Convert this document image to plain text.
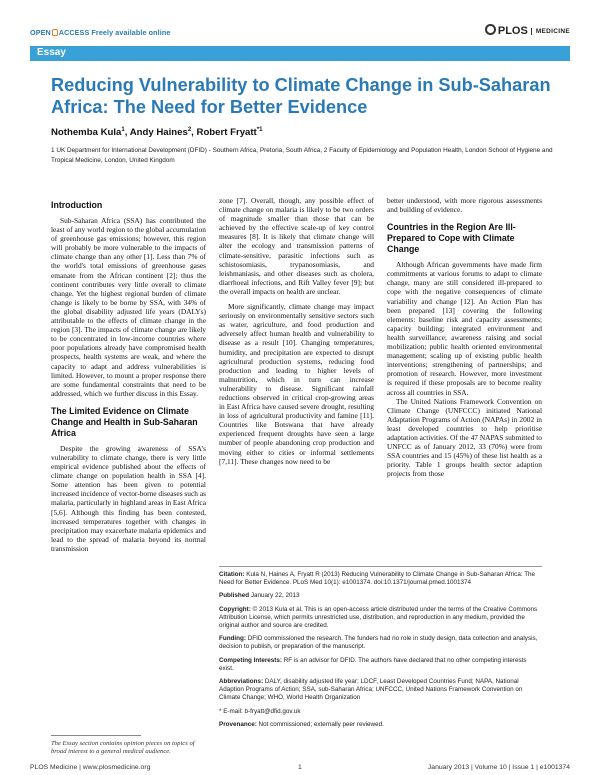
OPEN ACCESS Freely available online	PLOS MEDICINE
Essay
Reducing Vulnerability to Climate Change in Sub-Saharan Africa: The Need for Better Evidence
Nothemba Kula$^1$, Andy Haines$^2$, Robert Fryatt$^{*1}$
1 UK Department for International Development (DFID) - Southern Africa, Pretoria, South Africa, 2 Faculty of Epidemiology and Population Health, London School of Hygiene and Tropical Medicine, London, United Kingdom
Introduction

Sub-Saharan Africa (SSA) has contributed the least of any world region to the global accumulation of greenhouse gas emissions; however, this region will probably be more vulnerable to the impacts of climate change than any other [1]. Less than 7% of the world's total emissions of greenhouse gases emanate from the African continent [2]; thus the continent contributes very little overall to climate change. Yet the highest regional burden of climate change is likely to be borne by SSA, with 34% of the global disability adjusted life years (DALYs) attributable to the effects of climate change in the region [3]. The impacts of climate change are likely to be concentrated in low-income countries where poor populations already have compromised health prospects, health systems are weak, and where the capacity to adapt and address vulnerabilities is limited. However, to mount a proper response there are some fundamental constraints that need to be addressed, which we further discuss in this Essay.

The Limited Evidence on Climate Change and Health in Sub-Saharan Africa

Despite the growing awareness of SSA's vulnerability to climate change, there is very little empirical evidence published about the effects of climate change on population health in SSA [4]. Some attention has been given to potential increased incidence of vector-borne diseases such as malaria, particularly in highland areas in East Africa [5,6]. Although this finding has been contested, increased temperatures together with changes in precipitation may exacerbate malaria epidemics and lead to the spread of malaria beyond its normal transmission

zone [7]. Overall, though, any possible effect of climate change on malaria is likely to be two orders of magnitude smaller than those that can be achieved by the effective scale-up of key control measures [8]. It is likely that climate change will alter the ecology and transmission patterns of climate-sensitive, parasitic infections such as schistosomiasis, trypanosomiasis, and leishmaniasis, and other diseases such as cholera, diarrhoeal infections, and Rift Valley fever [9]; but the overall impacts on health are unclear.

More significantly, climate change may impact seriously on environmentally sensitive sectors such as water, agriculture, and food production and adversely affect human health and vulnerability to disease as a result [10]. Changing temperatures, humidity, and precipitation are expected to disrupt agricultural production systems, reducing food production and leading to higher levels of malnutrition, which in turn can increase vulnerability to disease. Significant rainfall reductions observed in critical crop-growing areas in East Africa have caused severe drought, resulting in loss of agricultural productivity and famine [11]. Countries like Botswana that have already experienced frequent droughts have seen a large number of people abandoning crop production and moving either to cities or informal settlements [7,11]. These changes now need to be

better understood, with more rigorous assessments and building of evidence.

Countries in the Region Are Ill-Prepared to Cope with Climate Change

Although African governments have made firm commitments at various forums to adapt to climate change, many are still considered ill-prepared to cope with the negative consequences of climate variability and change [12]. An Action Plan has been prepared [13] covering the following elements: baseline risk and capacity assessments; capacity building; integrated environment and health surveillance; awareness raising and social mobilization; public health oriented environmental management; scaling up of existing public health interventions; strengthening of partnerships; and promotion of research. However, more investment is required if these proposals are to become reality across all countries in SSA.

The United Nations Framework Convention on Climate Change (UNFCCC) initiated National Adaptation Programs of Action (NAPAs) in 2002 in least developed countries to help prioritise adaptation activities. Of the 47 NAPAS submitted to UNFCC as of January 2012, 33 (70%) were from SSA countries and 15 (45%) of these list health as a priority. Table 1 groups health sector adaption projects from those

The Essay section contains opinion pieces on topics of broad interest to a general medical audience.
Citation: Kula N, Haines A, Fryatt R (2013) Reducing Vulnerability to Climate Change in Sub-Saharan Africa: The Need for Better Evidence. PLoS Med 10(1): e1001374. doi:10.1371/journal.pmed.1001374
Published January 22, 2013
Copyright: © 2013 Kula et al. This is an open-access article distributed under the terms of the Creative Commons Attribution License, which permits unrestricted use, distribution, and reproduction in any medium, provided the original author and source are credited.
Funding: DFID commissioned the research. The funders had no role in study design, data collection and analysis, decision to publish, or preparation of the manuscript.
Competing Interests: RF is an advisor for DFID. The authors have declared that no other competing interests exist.
Abbreviations: DALY, disability adjusted life year; LDCF, Least Developed Countries Fund; NAPA, National Adaption Programs of Action; SSA, sub-Saharan Africa; UNFCCC, United Nations Framework Convention on Climate Change; WHO, World Health Organization
* E-mail: b-fryatt@dfid.gov.uk
Provenance: Not commissioned; externally peer reviewed.
PLOS Medicine | www.plosmedicine.org	1	January 2013 | Volume 10 | Issue 1 | e1001374
